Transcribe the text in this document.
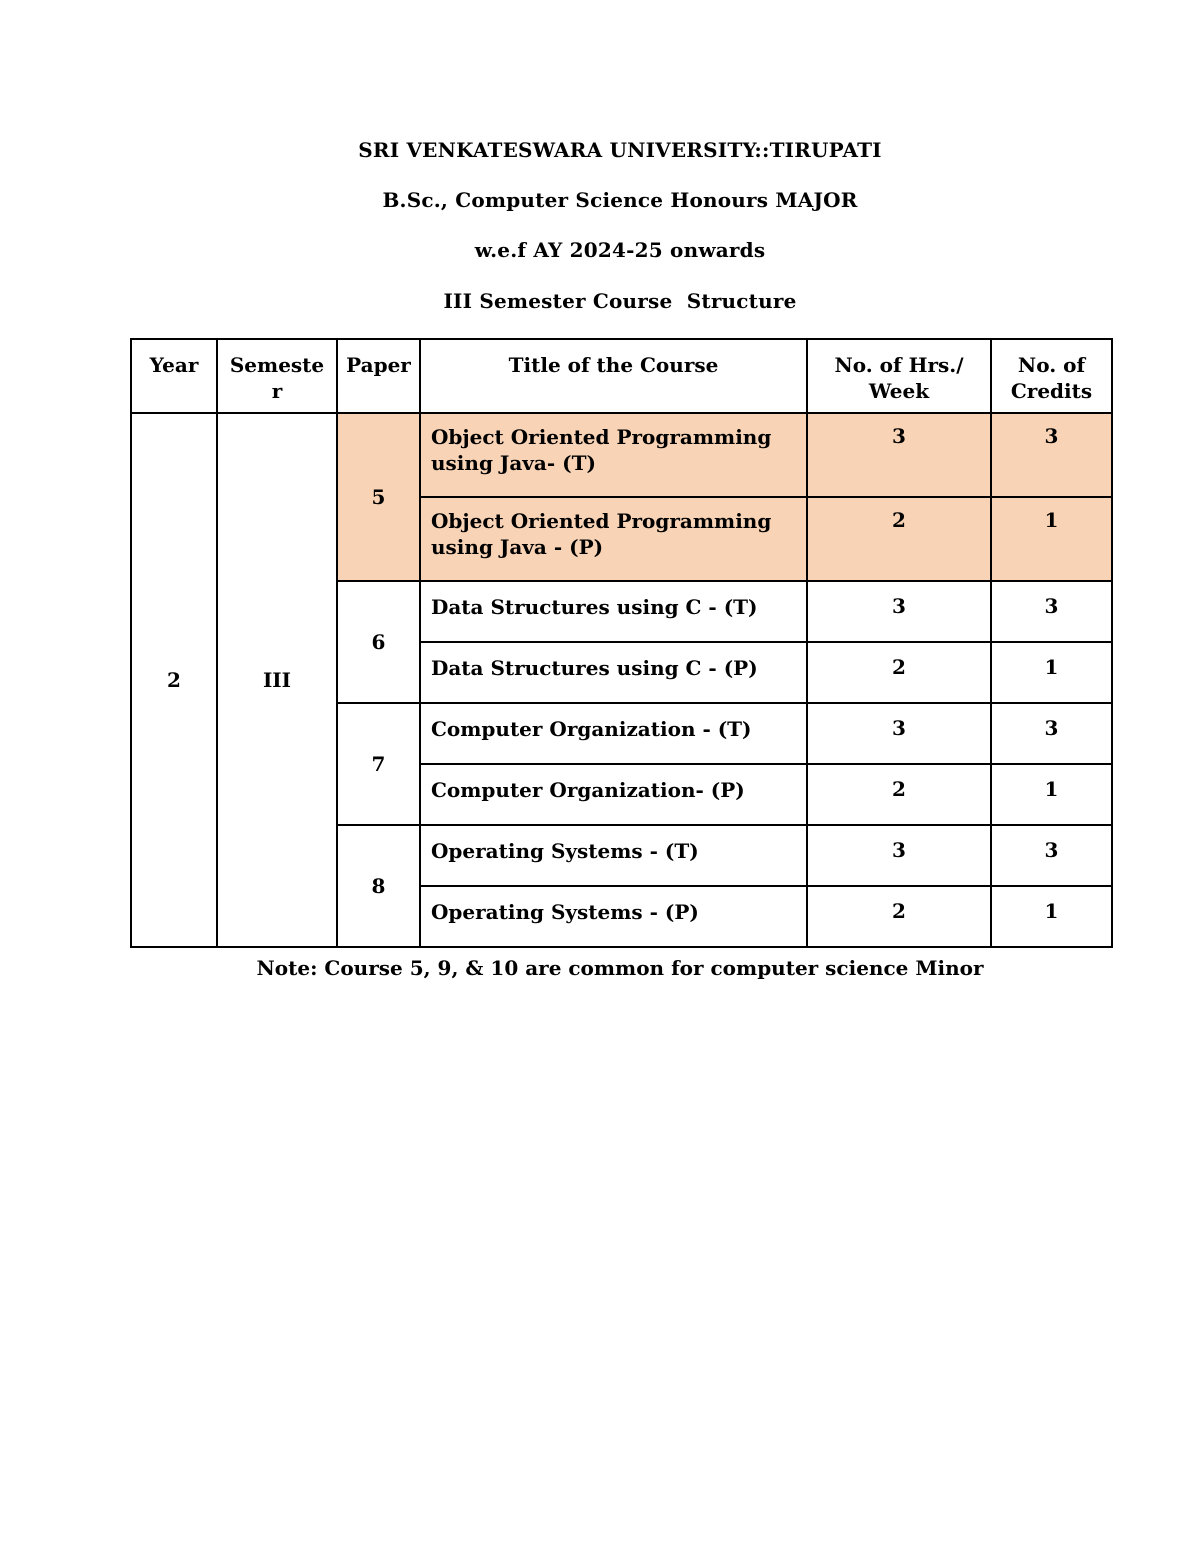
SRI VENKATESWARA UNIVERSITY::TIRUPATI
B.Sc., Computer Science Honours MAJOR
w.e.f AY 2024-25 onwards
III Semester Course  Structure
Year	Semester	Paper	Title of the Course	No. of Hrs./ Week	No. of Credits
2	III	5	Object Oriented Programming using Java- (T)	3	3
			Object Oriented Programming using Java - (P)	2	1
		6	Data Structures using C - (T)	3	3
			Data Structures using C - (P)	2	1
		7	Computer Organization - (T)	3	3
			Computer Organization- (P)	2	1
		8	Operating Systems - (T)	3	3
			Operating Systems - (P)	2	1
Note: Course 5, 9, & 10 are common for computer science Minor
